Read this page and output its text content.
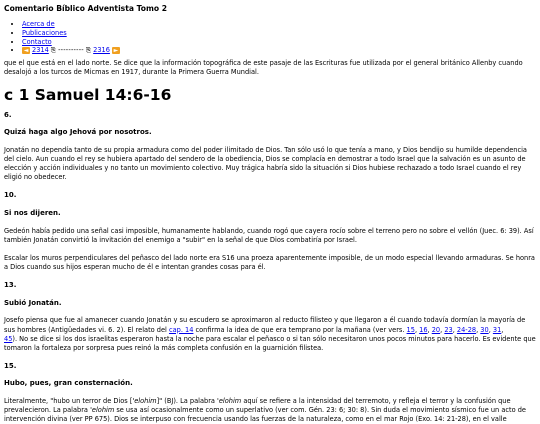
Comentario Bíblico Adventista Tomo 2
• Acerca de
• Publicaciones
• Contacto
• ◄ 2314 ⎘ ---------- ⎘ 2316 ►

que el que está en el lado norte. Se dice que la información topográfica de este pasaje de las Escrituras fue utilizada por el general británico Allenby cuando desalojó a los turcos de Micmas en 1917, durante la Primera Guerra Mundial.

c 1 Samuel 14:6-16
6.
Quizá haga algo Jehová por nosotros.

Jonatán no dependía tanto de su propia armadura como del poder ilimitado de Dios. Tan sólo usó lo que tenía a mano, y Dios bendijo su humilde dependencia del cielo. Aun cuando el rey se hubiera apartado del sendero de la obediencia, Dios se complacía en demostrar a todo Israel que la salvación es un asunto de elección y acción individuales y no tanto un movimiento colectivo. Muy trágica habría sido la situación si Dios hubiese rechazado a todo Israel cuando el rey eligió no obedecer.

10.
Si nos dijeren.

Gedeón había pedido una señal casi imposible, humanamente hablando, cuando rogó que cayera rocío sobre el terreno pero no sobre el vellón (Juec. 6: 39). Así también Jonatán convirtió la invitación del enemigo a "subir" en la señal de que Dios combatiría por Israel.

Escalar los muros perpendiculares del peñasco del lado norte era S16 una proeza aparentemente imposible, de un modo especial llevando armaduras. Se honra a Dios cuando sus hijos esperan mucho de él e intentan grandes cosas para él.

13.
Subió Jonatán.

Josefo piensa que fue al amanecer cuando Jonatán y su escudero se aproximaron al reducto filisteo y que llegaron a él cuando todavía dormían la mayoría de sus hombres (Antigüedades vi. 6. 2). El relato del cap. 14 confirma la idea de que era temprano por la mañana (ver vers. 15, 16, 20, 23, 24-28, 30, 31,
45). No se dice si los dos israelitas esperaron hasta la noche para escalar el peñasco o si tan sólo necesitaron unos pocos minutos para hacerlo. Es evidente que tomaron la fortaleza por sorpresa pues reinó la más completa confusión en la guarnición filistea.

15.
Hubo, pues, gran consternación.

Literalmente, "hubo un terror de Dios ['elohim]" (BJ). La palabra 'elohim aquí se refiere a la intensidad del terremoto, y refleja el terror y la confusión que prevalecieron. La palabra 'elohim se usa así ocasionalmente como un superlativo (ver com. Gén. 23: 6; 30: 8). Sin duda el movimiento sísmico fue un acto de intervención divina (ver PP 675). Dios se interpuso con frecuencia usando las fuerzas de la naturaleza, como en el mar Rojo (Exo. 14: 21-28), en el valle
